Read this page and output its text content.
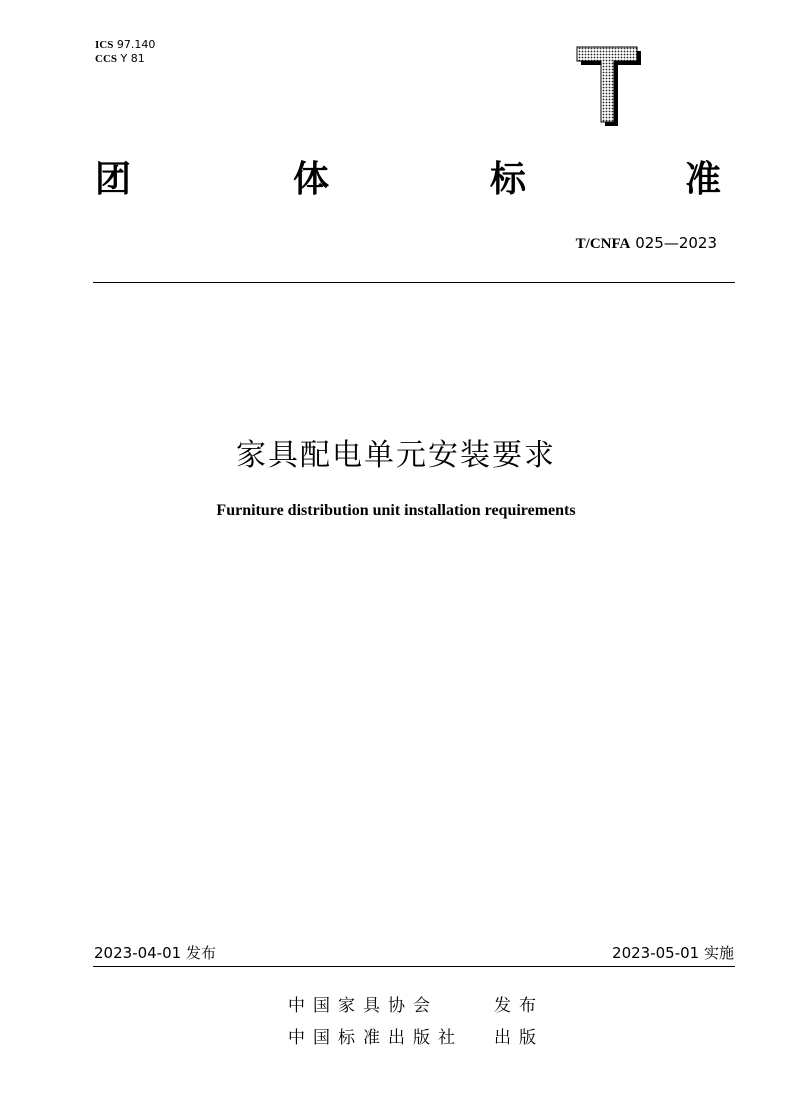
ICS 97.140
CCS Y 81
团	体	标	准
T/CNFA 025—2023
家具配电单元安装要求
Furniture distribution unit installation requirements
2023-04-01 发布	2023-05-01 实施
中国家具协会	发布
中国标准出版社	出版
